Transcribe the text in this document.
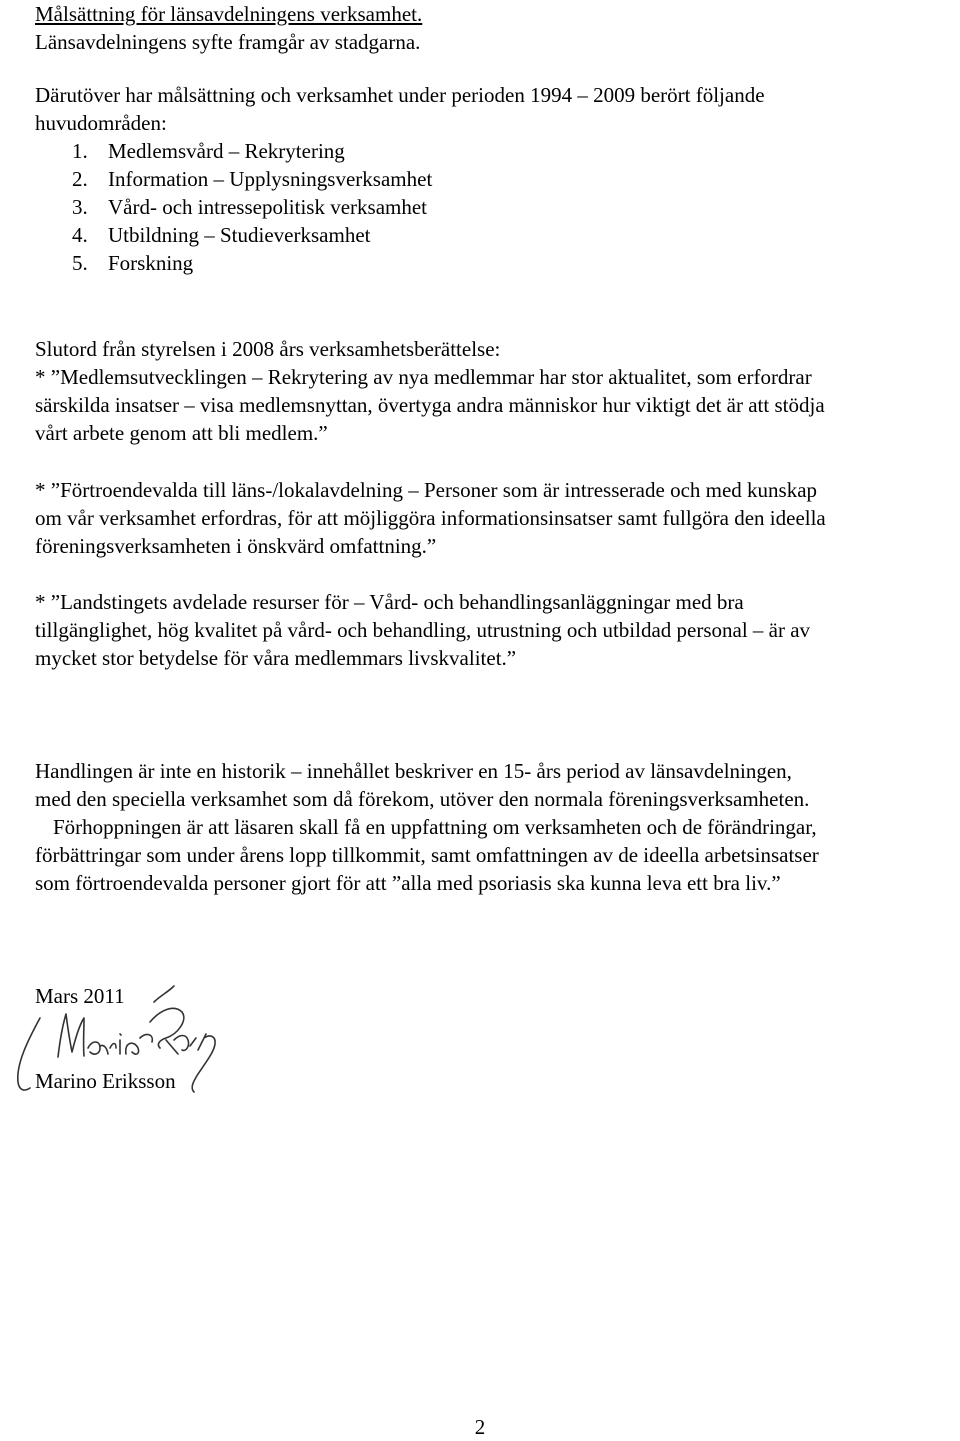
Målsättning för länsavdelningens verksamhet.
Länsavdelningens syfte framgår av stadgarna.
Därutöver har målsättning och verksamhet under perioden 1994 – 2009 berört följande
huvudområden:
1. Medlemsvård – Rekrytering
2. Information – Upplysningsverksamhet
3. Vård- och intressepolitisk verksamhet
4. Utbildning – Studieverksamhet
5. Forskning
Slutord från styrelsen i 2008 års verksamhetsberättelse:
* ”Medlemsutvecklingen – Rekrytering av nya medlemmar har stor aktualitet, som erfordrar
särskilda insatser – visa medlemsnyttan, övertyga andra människor hur viktigt det är att stödja
vårt arbete genom att bli medlem.”
* ”Förtroendevalda till läns-/lokalavdelning – Personer som är intresserade och med kunskap
om vår verksamhet erfordras, för att möjliggöra informationsinsatser samt fullgöra den ideella
föreningsverksamheten i önskvärd omfattning.”
* ”Landstingets avdelade resurser för – Vård- och behandlingsanläggningar med bra
tillgänglighet, hög kvalitet på vård- och behandling, utrustning och utbildad personal – är av
mycket stor betydelse för våra medlemmars livskvalitet.”
Handlingen är inte en historik – innehållet beskriver en 15- års period av länsavdelningen,
med den speciella verksamhet som då förekom, utöver den normala föreningsverksamheten.
Förhoppningen är att läsaren skall få en uppfattning om verksamheten och de förändringar,
förbättringar som under årens lopp tillkommit, samt omfattningen av de ideella arbetsinsatser
som förtroendevalda personer gjort för att ”alla med psoriasis ska kunna leva ett bra liv.”
Mars 2011
Marino Eriksson
2
